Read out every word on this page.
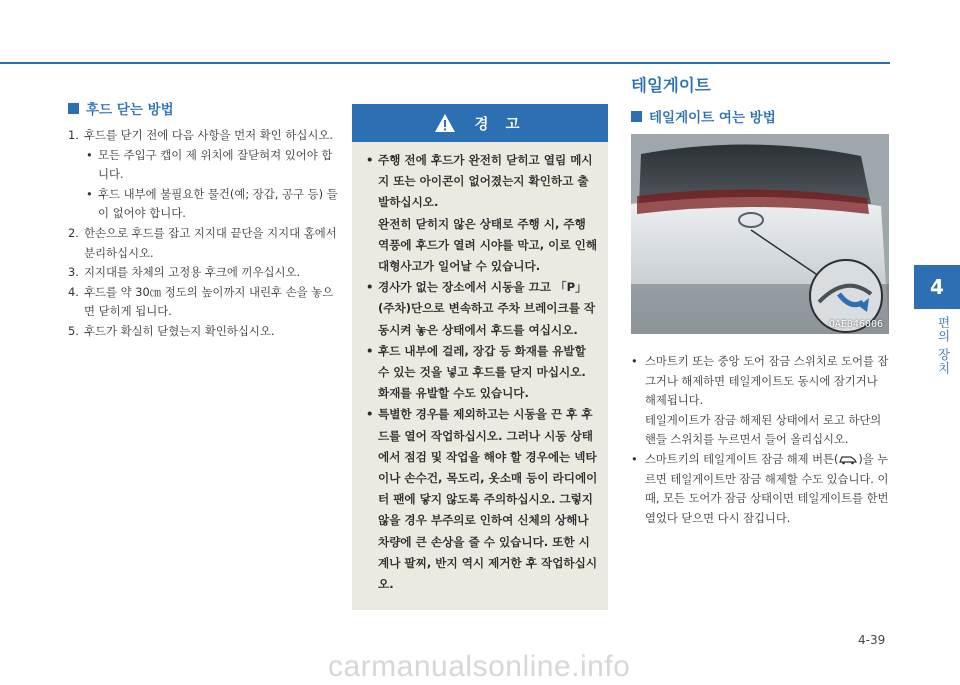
후드 닫는 방법
1. 후드를 닫기 전에 다음 사항을 먼저 확인 하십시오.
• 모든 주입구 캡이 제 위치에 잘닫혀져 있어야 합니다.
• 후드 내부에 불필요한 물건(예; 장갑, 공구 등) 들이 없어야 합니다.
2. 한손으로 후드를 잡고 지지대 끝단을 지지대 홈에서 분리하십시오.
3. 지지대를 차체의 고정용 후크에 끼우십시오.
4. 후드를 약 30㎝ 정도의 높이까지 내린후 손을 놓으면 닫히게 됩니다.
5. 후드가 확실히 닫혔는지 확인하십시오.
경 고
• 주행 전에 후드가 완전히 닫히고 열림 메시지 또는 아이콘이 없어졌는지 확인하고 출발하십시오.
완전히 닫히지 않은 상태로 주행 시, 주행 역풍에 후드가 열려 시야를 막고, 이로 인해 대형사고가 일어날 수 있습니다.
• 경사가 없는 장소에서 시동을 끄고 「P」(주차)단으로 변속하고 주차 브레이크를 작동시켜 놓은 상태에서 후드를 여십시오.
• 후드 내부에 걸레, 장갑 등 화재를 유발할 수 있는 것을 넣고 후드를 닫지 마십시오. 화재를 유발할 수도 있습니다.
• 특별한 경우를 제외하고는 시동을 끈 후 후드를 열어 작업하십시오. 그러나 시동 상태에서 점검 및 작업을 해야 할 경우에는 넥타이나 손수건, 목도리, 옷소매 등이 라디에이터 팬에 닿지 않도록 주의하십시오. 그렇지 않을 경우 부주의로 인하여 신체의 상해나 차량에 큰 손상을 줄 수 있습니다. 또한 시계나 팔찌, 반지 역시 제거한 후 작업하십시오.
테일게이트
테일게이트 여는 방법
OAE046006
• 스마트키 또는 중앙 도어 잠금 스위치로 도어를 잠그거나 해제하면 테일게이트도 동시에 잠기거나 해제됩니다.
테일게이트가 잠금 해제된 상태에서 로고 하단의 핸들 스위치를 누르면서 들어 올리십시오.
• 스마트키의 테일게이트 잠금 해제 버튼( )을 누르면 테일게이트만 잠금 해제할 수도 있습니다. 이때, 모든 도어가 잠금 상태이면 테일게이트를 한번 열었다 닫으면 다시 잠깁니다.
4
편의 장치
4-39
carmanualsonline.info
